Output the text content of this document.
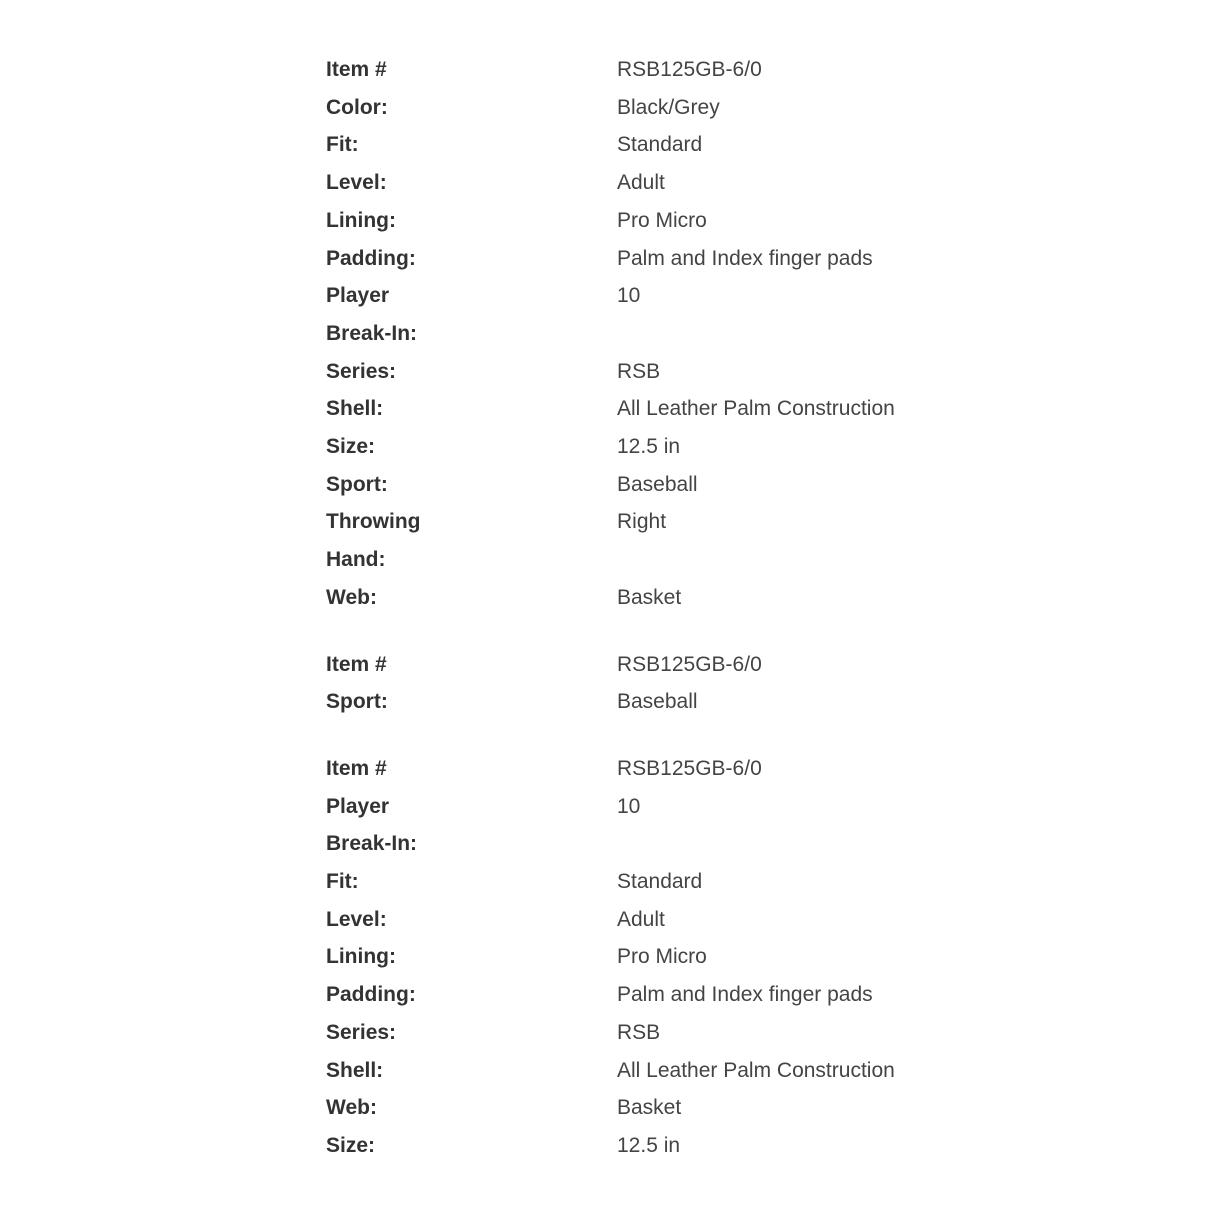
Item #	RSB125GB-6/0
Color:	Black/Grey
Fit:	Standard
Level:	Adult
Lining:	Pro Micro
Padding:	Palm and Index finger pads
Player Break-In:
10
Series:	RSB
Shell:	All Leather Palm Construction
Size:	12.5 in
Sport:	Baseball
Throwing Hand:
Right
Web:	Basket
Item #	RSB125GB-6/0
Sport:	Baseball
Item #	RSB125GB-6/0
Player Break-In:
10
Fit:	Standard
Level:	Adult
Lining:	Pro Micro
Padding:	Palm and Index finger pads
Series:	RSB
Shell:	All Leather Palm Construction
Web:	Basket
Size:	12.5 in
